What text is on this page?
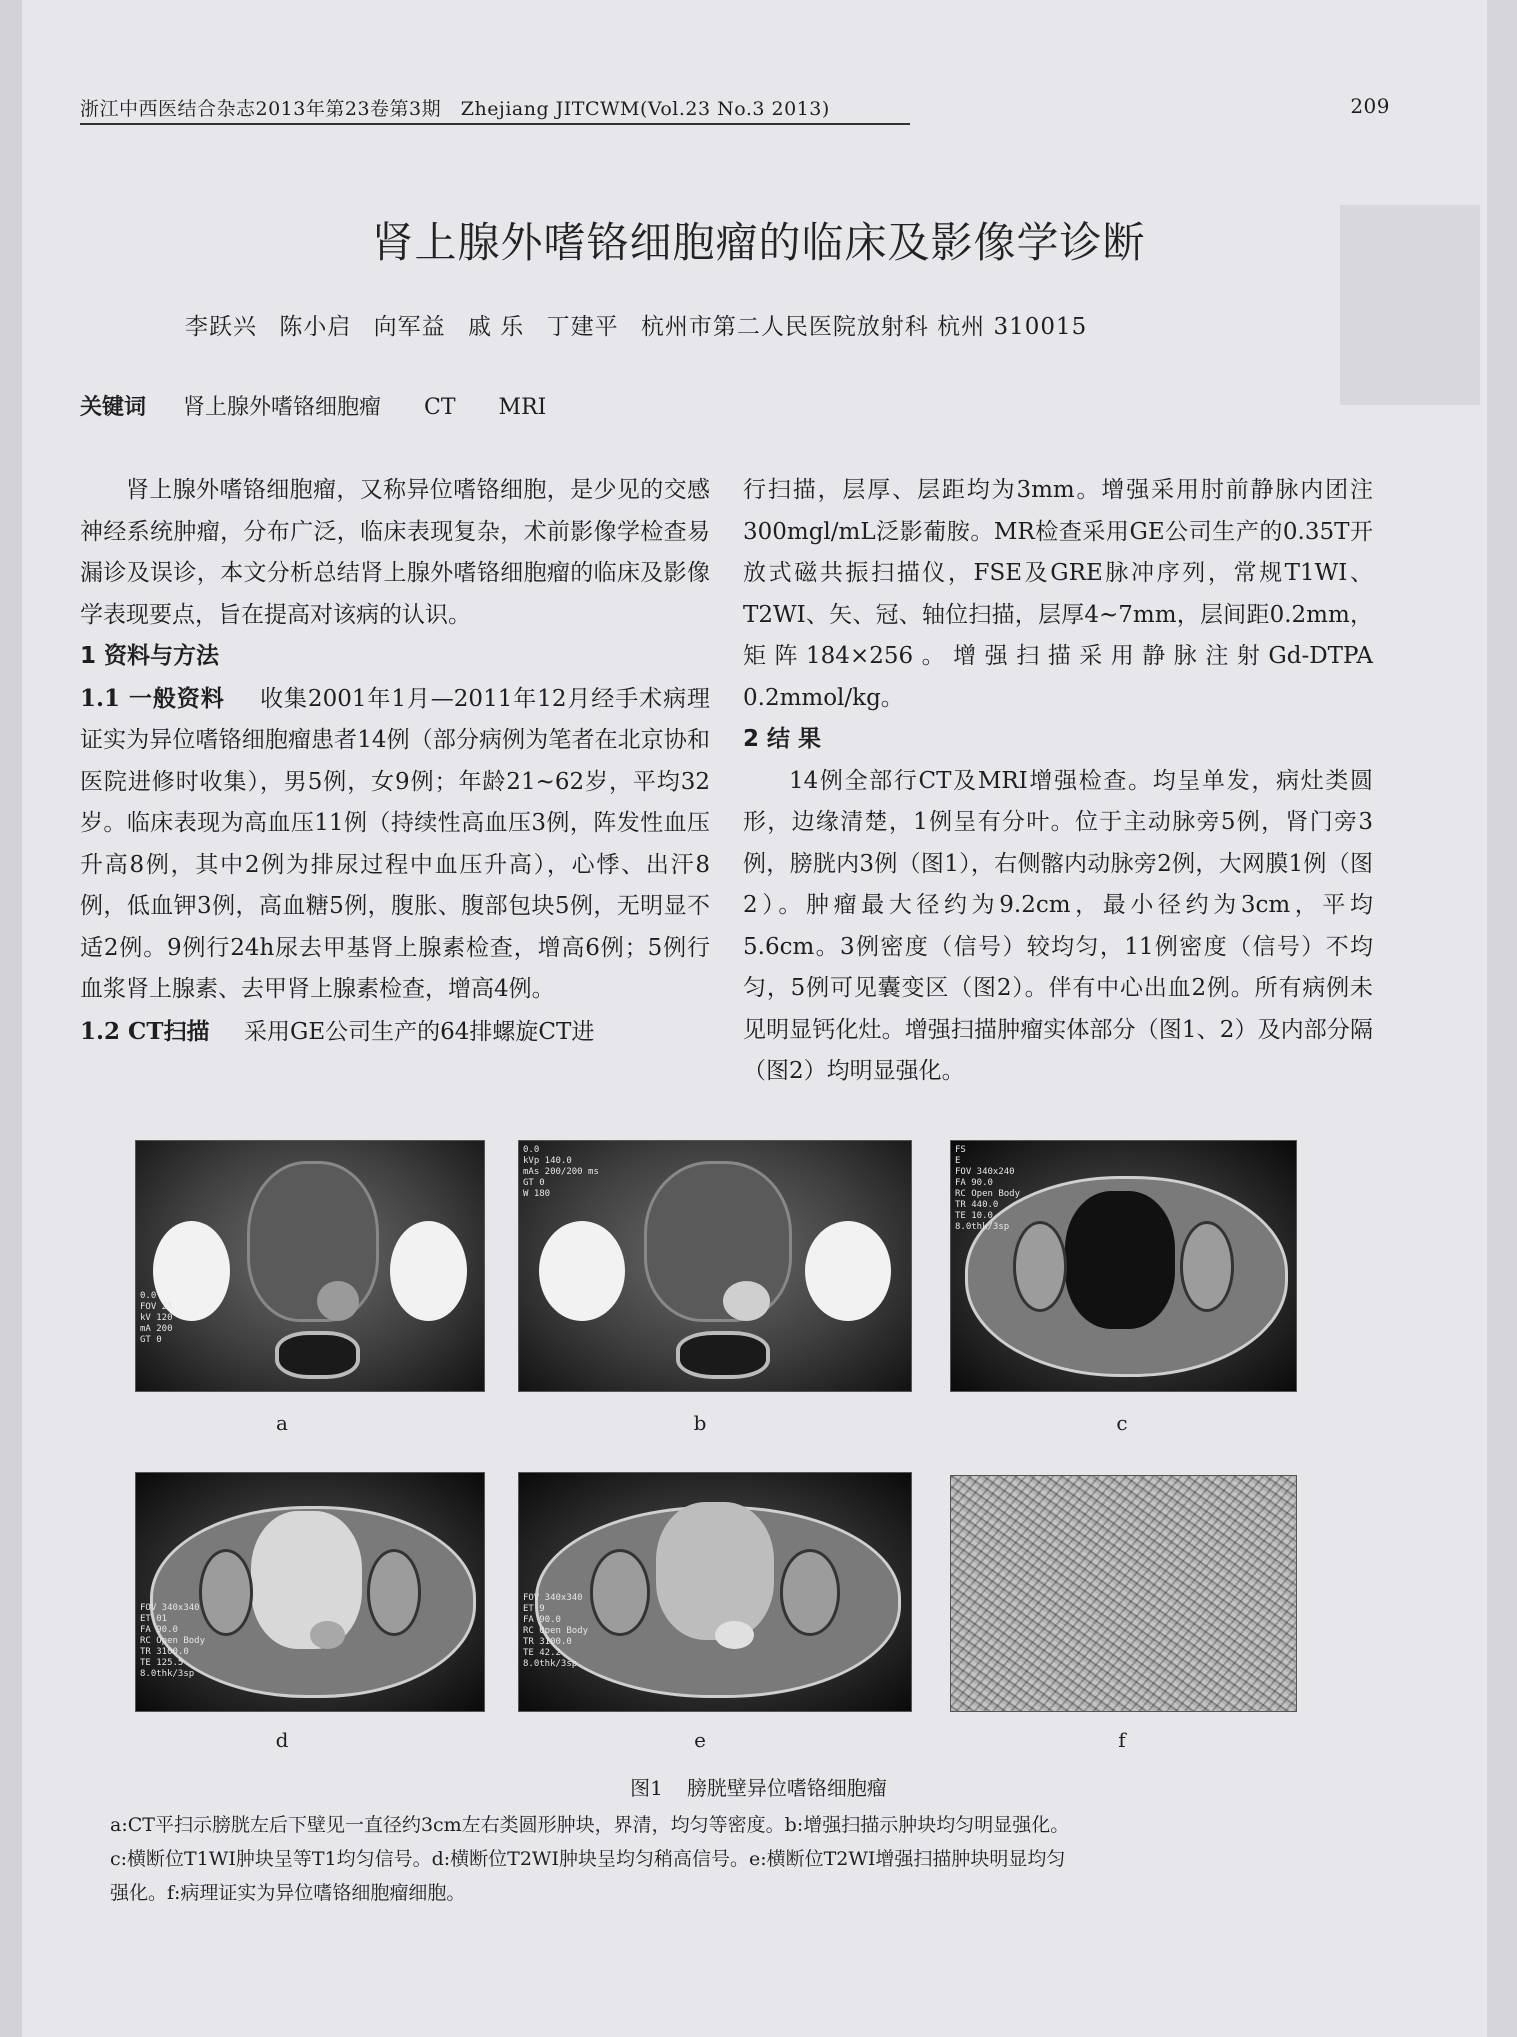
浙江中西医结合杂志2013年第23卷第3期 Zhejiang JITCWM(Vol.23 No.3 2013)	209
肾上腺外嗜铬细胞瘤的临床及影像学诊断
李跃兴 陈小启 向军益 戚 乐 丁建平 杭州市第二人民医院放射科 杭州 310015
关键词 肾上腺外嗜铬细胞瘤 CT MRI

肾上腺外嗜铬细胞瘤，又称异位嗜铬细胞，是少见的交感神经系统肿瘤，分布广泛，临床表现复杂，术前影像学检查易漏诊及误诊，本文分析总结肾上腺外嗜铬细胞瘤的临床及影像学表现要点，旨在提高对该病的认识。

1 资料与方法

1.1 一般资料 收集2001年1月—2011年12月经手术病理证实为异位嗜铬细胞瘤患者14例（部分病例为笔者在北京协和医院进修时收集），男5例，女9例；年龄21~62岁，平均32岁。临床表现为高血压11例（持续性高血压3例，阵发性血压升高8例，其中2例为排尿过程中血压升高），心悸、出汗8例，低血钾3例，高血糖5例，腹胀、腹部包块5例，无明显不适2例。9例行24h尿去甲基肾上腺素检查，增高6例；5例行血浆肾上腺素、去甲肾上腺素检查，增高4例。

1.2 CT扫描 采用GE公司生产的64排螺旋CT进

行扫描，层厚、层距均为3mm。增强采用肘前静脉内团注300mgl/mL泛影葡胺。MR检查采用GE公司生产的0.35T开放式磁共振扫描仪，FSE及GRE脉冲序列，常规T1WI、T2WI、矢、冠、轴位扫描，层厚4~7mm，层间距0.2mm，矩阵184×256。增强扫描采用静脉注射Gd-DTPA 0.2mmol/kg。

2 结 果

14例全部行CT及MRI增强检查。均呈单发，病灶类圆形，边缘清楚，1例呈有分叶。位于主动脉旁5例，肾门旁3例，膀胱内3例（图1），右侧髂内动脉旁2例，大网膜1例（图2）。肿瘤最大径约为9.2cm，最小径约为3cm，平均5.6cm。3例密度（信号）较均匀，11例密度（信号）不均匀，5例可见囊变区（图2）。伴有中心出血2例。所有病例未见明显钙化灶。增强扫描肿瘤实体部分（图1、2）及内部分隔（图2）均明显强化。

0.0
FOV 25
kV 120
mA 200
GT 0
0.0
kVp 140.0
mAs 200/200 ms
GT 0
W 180
FS
E
FOV 340x240
FA 90.0
RC Open Body
TR 440.0
TE 10.0
8.0thk/3sp
a	b	c
FOV 340x340
ET 01
FA 90.0
RC Open Body
TR 3100.0
TE 125.5
8.0thk/3sp
FOV 340x340
ET 9
FA 90.0
RC Open Body
TR 3100.0
TE 42.2
8.0thk/3sp
d	e	f
图1 膀胱壁异位嗜铬细胞瘤
a:CT平扫示膀胱左后下壁见一直径约3cm左右类圆形肿块，界清，均匀等密度。b:增强扫描示肿块均匀明显强化。
c:横断位T1WI肿块呈等T1均匀信号。d:横断位T2WI肿块呈均匀稍高信号。e:横断位T2WI增强扫描肿块明显均匀
强化。f:病理证实为异位嗜铬细胞瘤细胞。
